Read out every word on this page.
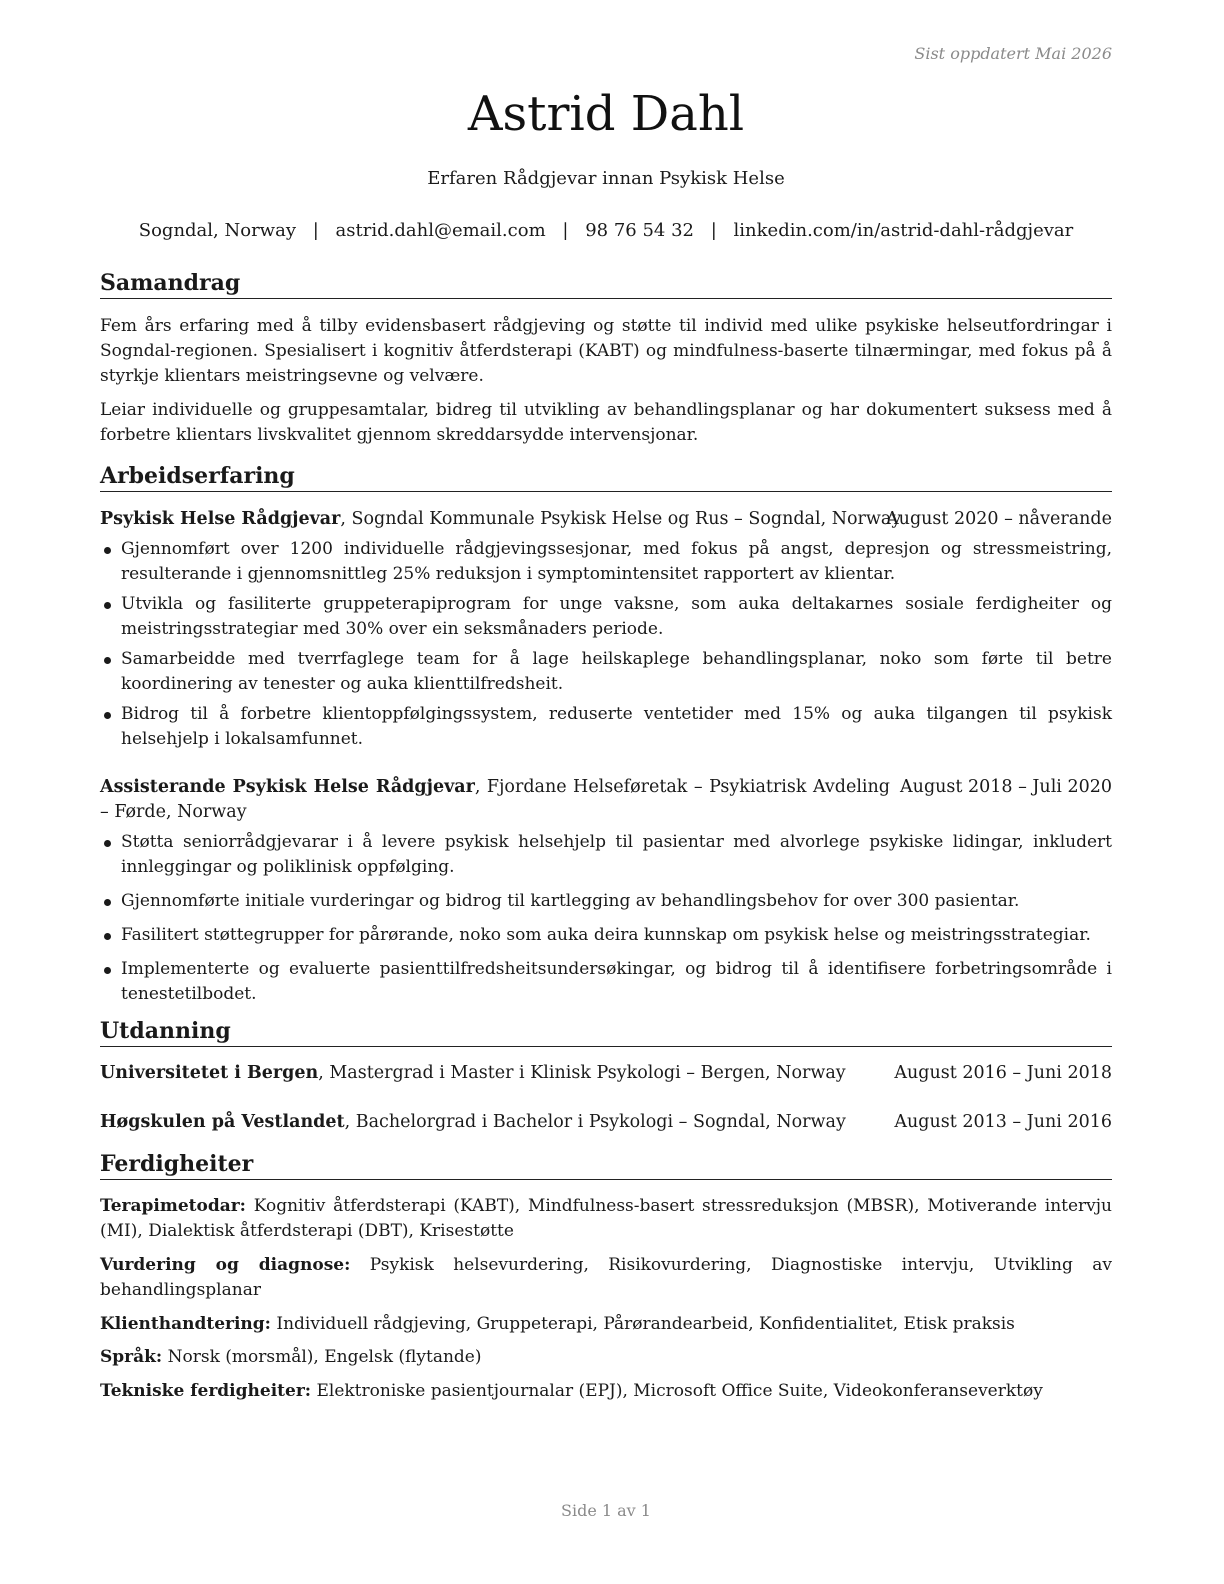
Sist oppdatert Mai 2026
Astrid Dahl
Erfaren Rådgjevar innan Psykisk Helse
Sogndal, Norway | astrid.dahl@email.com | 98 76 54 32 | linkedin.com/in/astrid-dahl-rådgjevar
Samandrag

Fem års erfaring med å tilby evidensbasert rådgjeving og støtte til individ med ulike psykiske helseutfordringar i Sogndal-regionen. Spesialisert i kognitiv åtferdsterapi (KABT) og mindfulness-baserte tilnærmingar, med fokus på å styrkje klientars meistringsevne og velvære.

Leiar individuelle og gruppesamtalar, bidreg til utvikling av behandlingsplanar og har dokumentert suksess med å forbetre klientars livskvalitet gjennom skreddarsydde intervensjonar.

Arbeidserfaring
Psykisk Helse Rådgjevar, Sogndal Kommunale Psykisk Helse og Rus – Sogndal, Norway
August 2020 – nåverande
Gjennomført over 1200 individuelle rådgjevingssesjonar, med fokus på angst, depresjon og stressmeistring, resulterande i gjennomsnittleg 25% reduksjon i symptomintensitet rapportert av klientar.
Utvikla og fasiliterte gruppeterapiprogram for unge vaksne, som auka deltakarnes sosiale ferdigheiter og meistringsstrategiar med 30% over ein seksmånaders periode.
Samarbeidde med tverrfaglege team for å lage heilskaplege behandlingsplanar, noko som førte til betre koordinering av tenester og auka klienttilfredsheit.
Bidrog til å forbetre klientoppfølgingssystem, reduserte ventetider med 15% og auka tilgangen til psykisk helsehjelp i lokalsamfunnet.
Assisterande Psykisk Helse Rådgjevar, Fjordane Helseføretak – Psykiatrisk Avdeling – Førde, Norway
August 2018 – Juli 2020
Støtta seniorrådgjevarar i å levere psykisk helsehjelp til pasientar med alvorlege psykiske lidingar, inkludert innleggingar og poliklinisk oppfølging.
Gjennomførte initiale vurderingar og bidrog til kartlegging av behandlingsbehov for over 300 pasientar.
Fasilitert støttegrupper for pårørande, noko som auka deira kunnskap om psykisk helse og meistringsstrategiar.
Implementerte og evaluerte pasienttilfredsheitsundersøkingar, og bidrog til å identifisere forbetringsområde i tenestetilbodet.
Utdanning
Universitetet i Bergen, Mastergrad i Master i Klinisk Psykologi – Bergen, Norway	August 2016 – Juni 2018
Høgskulen på Vestlandet, Bachelorgrad i Bachelor i Psykologi – Sogndal, Norway	August 2013 – Juni 2016
Ferdigheiter

Terapimetodar: Kognitiv åtferdsterapi (KABT), Mindfulness-basert stressreduksjon (MBSR), Motiverande intervju (MI), Dialektisk åtferdsterapi (DBT), Krisestøtte

Vurdering og diagnose: Psykisk helsevurdering, Risikovurdering, Diagnostiske intervju, Utvikling av behandlingsplanar

Klienthandtering: Individuell rådgjeving, Gruppeterapi, Pårørandearbeid, Konfidentialitet, Etisk praksis

Språk: Norsk (morsmål), Engelsk (flytande)

Tekniske ferdigheiter: Elektroniske pasientjournalar (EPJ), Microsoft Office Suite, Videokonferanseverktøy

Side 1 av 1
